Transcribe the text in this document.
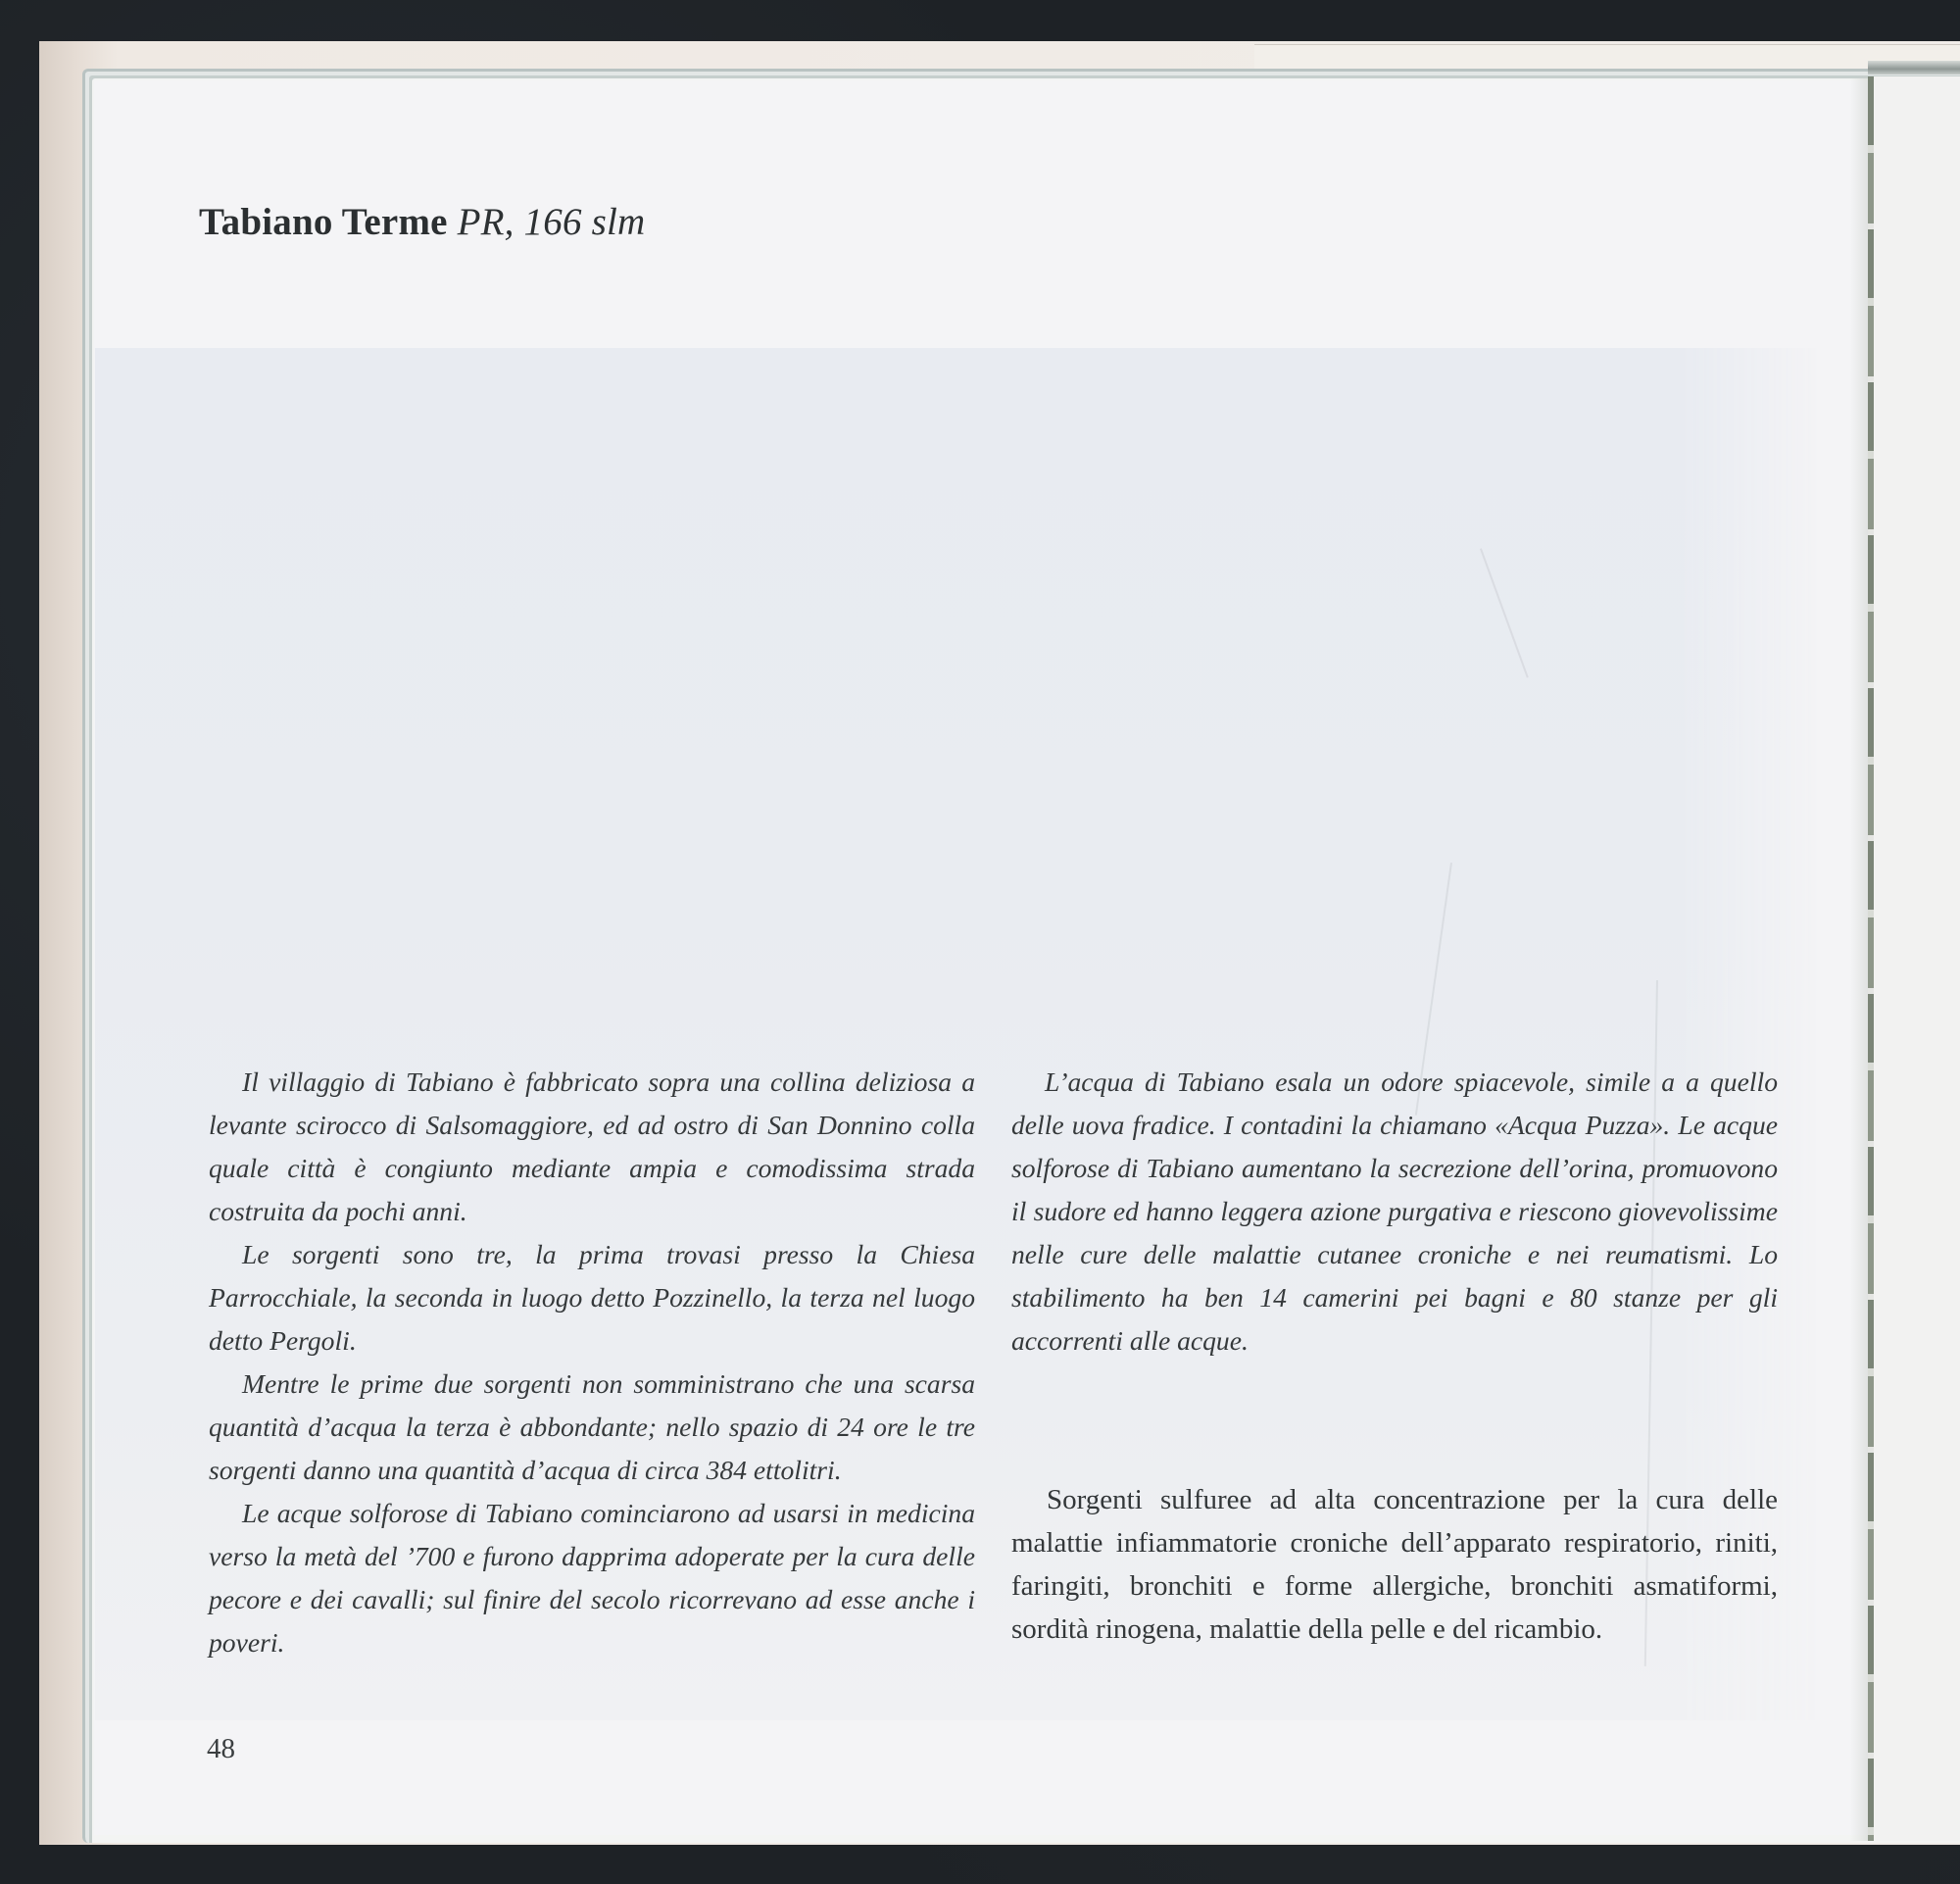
Tabiano Terme PR, 166 slm

Il villaggio di Tabiano è fabbricato sopra una collina deliziosa a levante scirocco di Salsomaggiore, ed ad ostro di San Donnino colla quale città è congiunto mediante ampia e comodissima strada costruita da pochi anni.

Le sorgenti sono tre, la prima trovasi presso la Chiesa Parrocchiale, la seconda in luogo detto Pozzinello, la terza nel luogo detto Pergoli.

Mentre le prime due sorgenti non somministrano che una scarsa quantità d’acqua la terza è abbondante; nello spazio di 24 ore le tre sorgenti danno una quantità d’acqua di circa 384 ettolitri.

Le acque solforose di Tabiano cominciarono ad usarsi in medicina verso la metà del ’700 e furono dapprima adoperate per la cura delle pecore e dei cavalli; sul finire del secolo ricorrevano ad esse anche i poveri.

L’acqua di Tabiano esala un odore spiacevole, simile a a quello delle uova fradice. I contadini la chiamano «Acqua Puzza». Le acque solforose di Tabiano aumentano la secrezione dell’orina, promuovono il sudore ed hanno leggera azione purgativa e riescono giovevolissime nelle cure delle malattie cutanee croniche e nei reumatismi. Lo stabilimento ha ben 14 camerini pei bagni e 80 stanze per gli accorrenti alle acque.

Sorgenti sulfuree ad alta concentrazione per la cura delle malattie infiammatorie croniche dell’apparato respiratorio, riniti, faringiti, bronchiti e forme allergiche, bronchiti asmatiformi, sordità rinogena, malattie della pelle e del ricambio.

48
